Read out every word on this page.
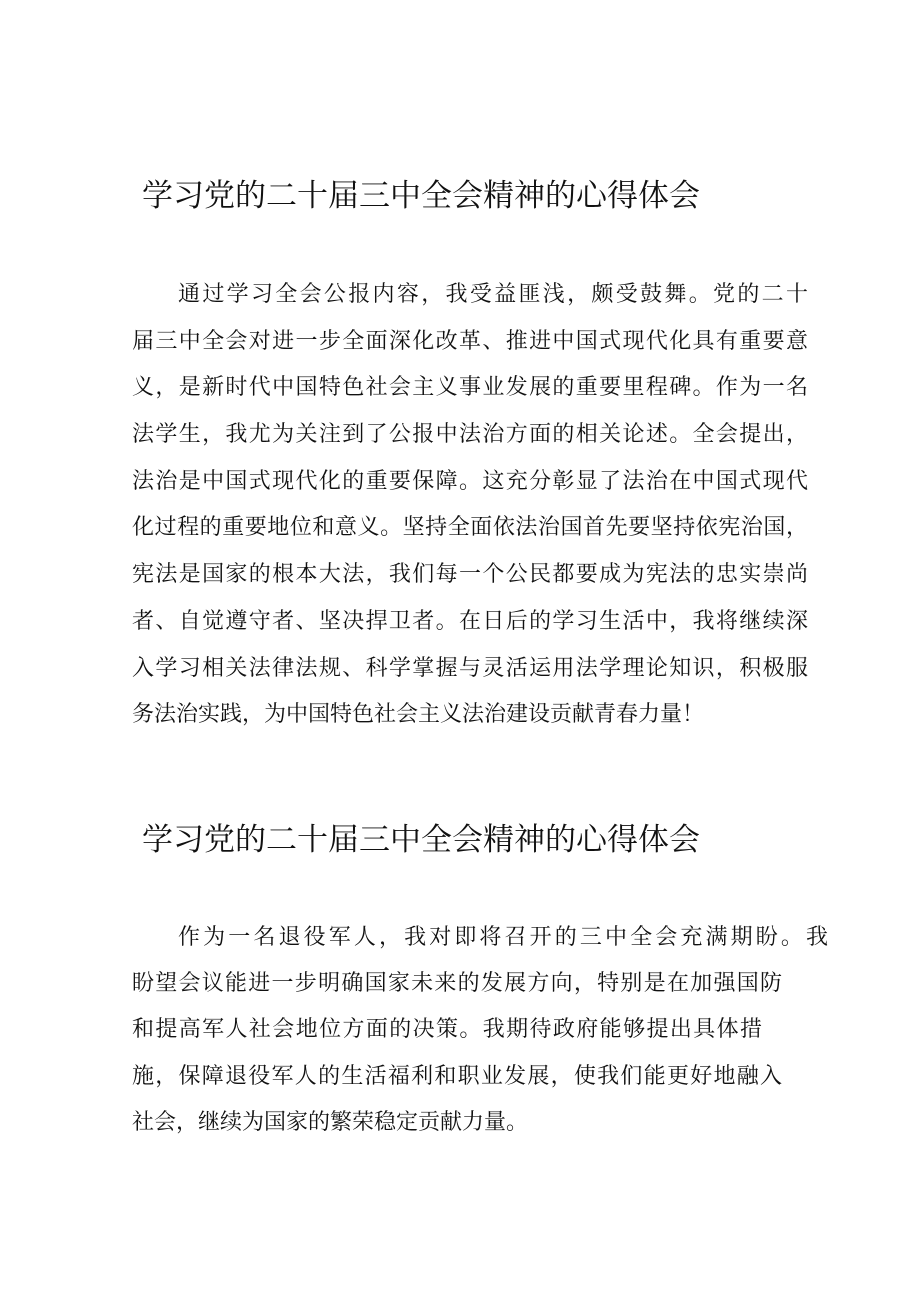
学习党的二十届三中全会精神的心得体会
通过学习全会公报内容，我受益匪浅，颇受鼓舞。党的二十
届三中全会对进一步全面深化改革、推进中国式现代化具有重要意
义，是新时代中国特色社会主义事业发展的重要里程碑。作为一名
法学生，我尤为关注到了公报中法治方面的相关论述。全会提出，
法治是中国式现代化的重要保障。这充分彰显了法治在中国式现代
化过程的重要地位和意义。坚持全面依法治国首先要坚持依宪治国，
宪法是国家的根本大法，我们每一个公民都要成为宪法的忠实崇尚
者、自觉遵守者、坚决捍卫者。在日后的学习生活中，我将继续深
入学习相关法律法规、科学掌握与灵活运用法学理论知识，积极服
务法治实践，为中国特色社会主义法治建设贡献青春力量！
学习党的二十届三中全会精神的心得体会
作为一名退役军人，我对即将召开的三中全会充满期盼。我
盼望会议能进一步明确国家未来的发展方向，特别是在加强国防
和提高军人社会地位方面的决策。我期待政府能够提出具体措
施，保障退役军人的生活福利和职业发展，使我们能更好地融入
社会，继续为国家的繁荣稳定贡献力量。
